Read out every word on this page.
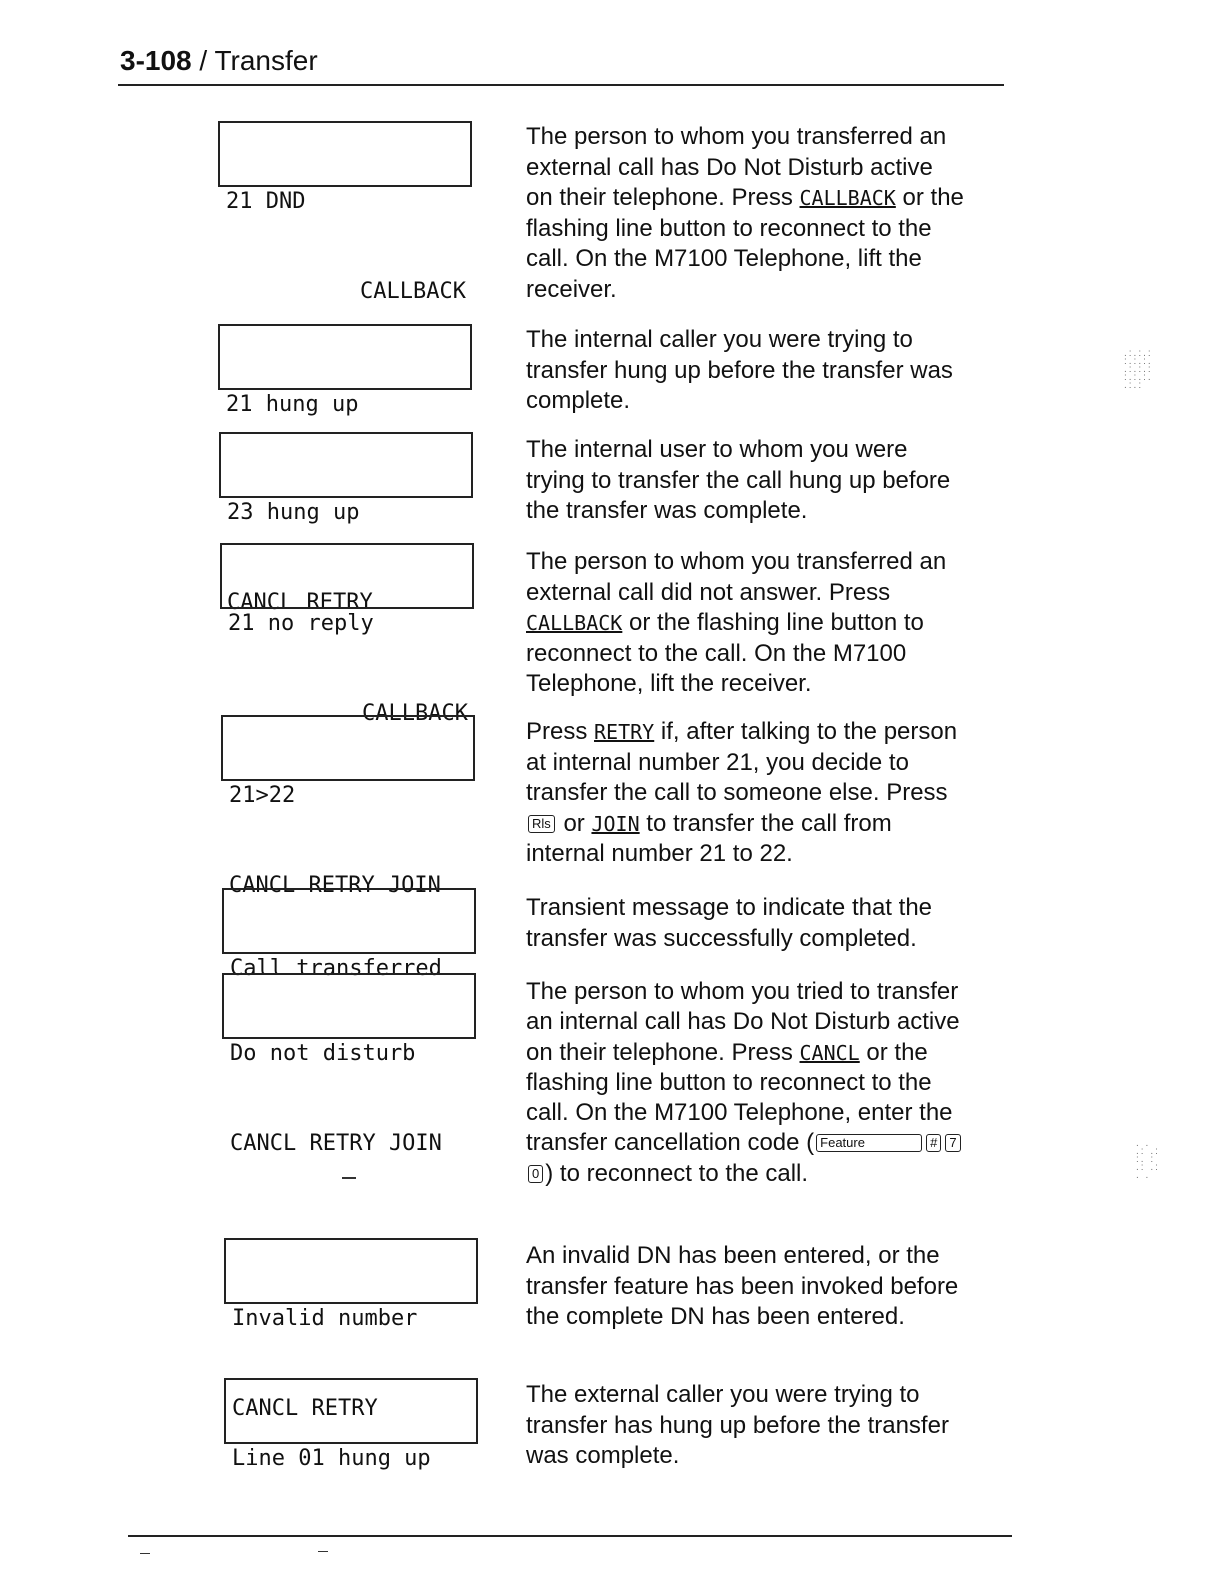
3-108 / Transfer

21 DND

CALLBACK

The person to whom you transferred an external call has Do Not Disturb active on their telephone. Press CALLBACK or the flashing line button to reconnect to the call. On the M7100 Telephone, lift the receiver.

21 hung up

The internal caller you were trying to transfer hung up before the transfer was complete.

23 hung up

CANCL RETRY

The internal user to whom you were trying to transfer the call hung up before the transfer was complete.

21 no reply

CALLBACK

The person to whom you transferred an external call did not answer. Press CALLBACK or the flashing line button to reconnect to the call. On the M7100 Telephone, lift the receiver.

21>22

CANCL RETRY JOIN

Press RETRY if, after talking to the person at internal number 21, you decide to transfer the call to someone else. Press Rls or JOIN to transfer the call from internal number 21 to 22.

Call transferred

Transient message to indicate that the transfer was successfully completed.

Do not disturb

CANCL RETRY JOIN

The person to whom you tried to transfer an internal call has Do Not Disturb active on their telephone. Press CANCL or the flashing line button to reconnect to the call. On the M7100 Telephone, enter the transfer cancellation code ( Feature	# 70 ) to reconnect to the call.

Invalid number

CANCL RETRY

An invalid DN has been entered, or the transfer feature has been invoked before the complete DN has been entered.

Line 01 hung up

The external caller you were trying to transfer has hung up before the transfer was complete.
.:.:.:
:.:.:.
.:.:.:
:.:.:.
.:.:
. .
.: .:
:. :
.: .:
. .
